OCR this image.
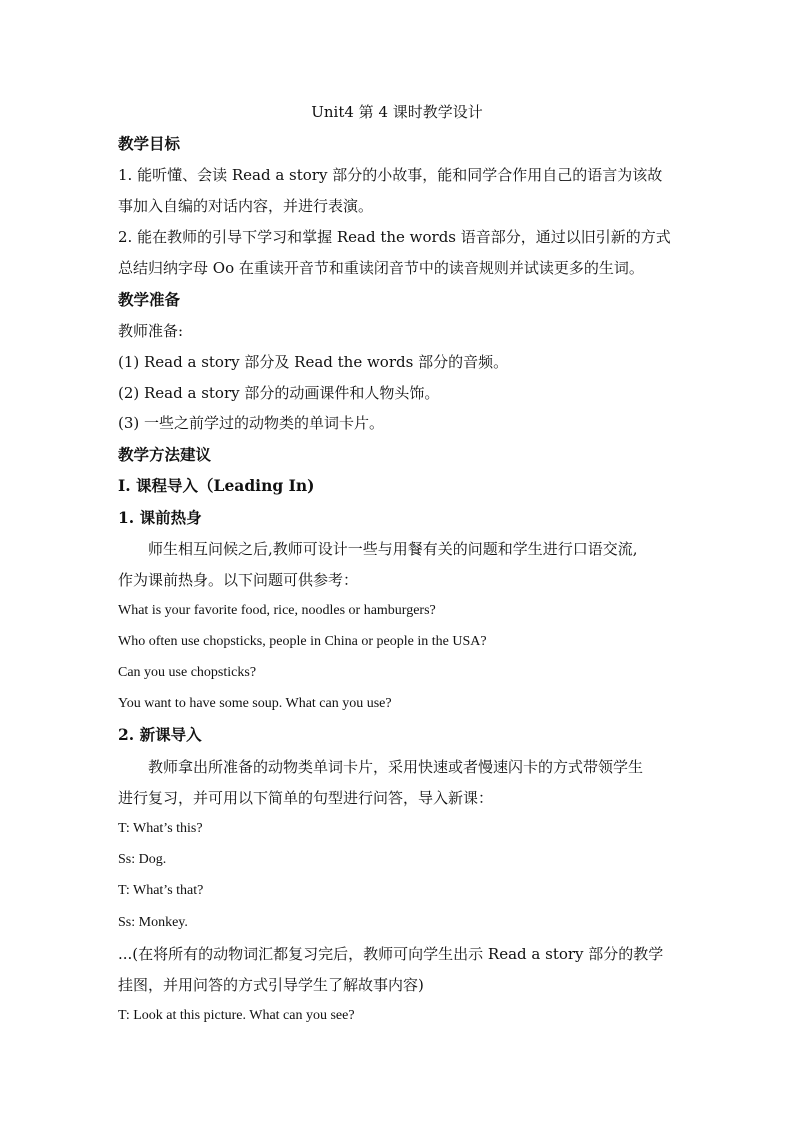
Unit4 第 4 课时教学设计
教学目标
1. 能听懂、会读 Read a story 部分的小故事，能和同学合作用自己的语言为该故
事加入自编的对话内容，并进行表演。
2. 能在教师的引导下学习和掌握 Read the words 语音部分，通过以旧引新的方式
总结归纳字母 Oo 在重读开音节和重读闭音节中的读音规则并试读更多的生词。
教学准备
教师准备:
(1) Read a story 部分及 Read the words 部分的音频。
(2) Read a story 部分的动画课件和人物头饰。
(3) 一些之前学过的动物类的单词卡片。
教学方法建议
I. 课程导入（Leading In)
1. 课前热身
师生相互问候之后,教师可设计一些与用餐有关的问题和学生进行口语交流,
作为课前热身。以下问题可供参考：
What is your favorite food, rice, noodles or hamburgers?
Who often use chopsticks, people in China or people in the USA?
Can you use chopsticks?
You want to have some soup. What can you use?
2. 新课导入
教师拿出所准备的动物类单词卡片，采用快速或者慢速闪卡的方式带领学生
进行复习，并可用以下简单的句型进行问答，导入新课：
T: What’s this?
Ss: Dog.
T: What’s that?
Ss: Monkey.
...(在将所有的动物词汇都复习完后，教师可向学生出示 Read a story 部分的教学
挂图，并用问答的方式引导学生了解故事内容)
T: Look at this picture. What can you see?
